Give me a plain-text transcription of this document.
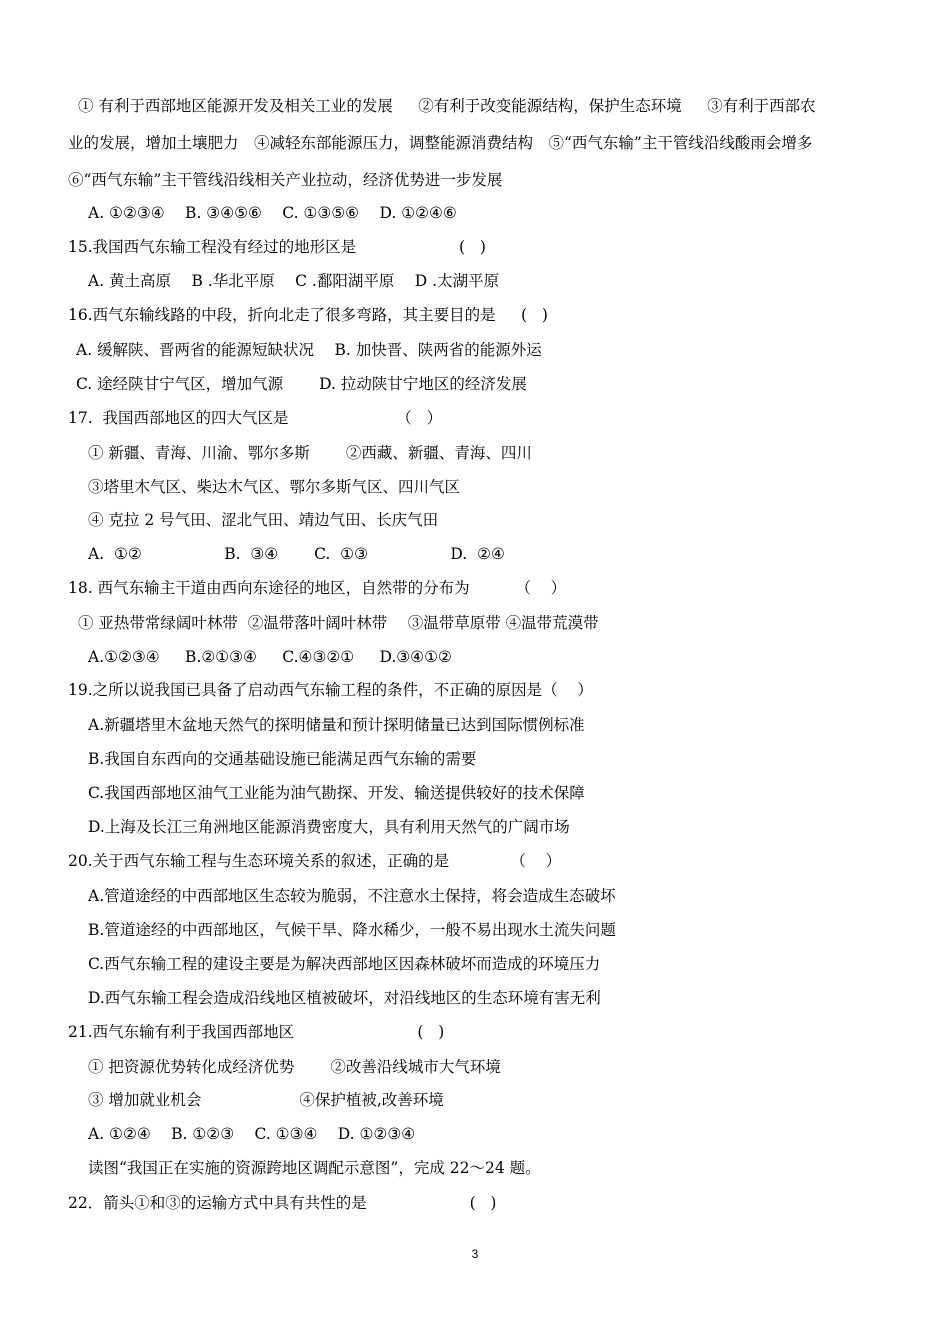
① 有利于西部地区能源开发及相关工业的发展　  ②有利于改变能源结构，保护生态环境　  ③有利于西部农
业的发展，增加土壤肥力　④减轻东部能源压力，调整能源消费结构　⑤“西气东输”主干管线沿线酸雨会增多
⑥“西气东输”主干管线沿线相关产业拉动，经济优势进一步发展
A. ①②③④　 B. ③④⑤⑥　 C. ①③⑤⑥　 D. ①②④⑥
15.我国西气东输工程没有经过的地形区是　　　　　　  (   )
A. 黄土高原　 B .华北平原　 C .鄱阳湖平原　 D .太湖平原
16.西气东输线路的中段，折向北走了很多弯路，其主要目的是　  (   )
A. 缓解陕、晋两省的能源短缺状况　 B. 加快晋、陕两省的能源外运
C. 途经陕甘宁气区，增加气源　　 D. 拉动陕甘宁地区的经济发展
17.  我国西部地区的四大气区是　　　　　　   （   ）
① 新疆、青海、川渝、鄂尔多斯　　 ②西藏、新疆、青海、四川
③塔里木气区、柴达木气区、鄂尔多斯气区、四川气区
④ 克拉 2 号气田、涩北气田、靖边气田、长庆气田
A.  ①②　　　　　 B.  ③④　　 C.  ①③　　　　　 D.  ②④
18. 西气东输主干道由西向东途径的地区，自然带的分布为　　   （    ）
① 亚热带常绿阔叶林带  ②温带落叶阔叶林带　 ③温带草原带 ④温带荒漠带
A.①②③④　  B.②①③④　  C.④③②①　  D.③④①②
19.之所以说我国已具备了启动西气东输工程的条件，不正确的原因是（    ）
A.新疆塔里木盆地天然气的探明储量和预计探明储量已达到国际惯例标准
B.我国自东西向的交通基础设施已能满足西气东输的需要
C.我国西部地区油气工业能为油气勘探、开发、输送提供较好的技术保障
D.上海及长江三角洲地区能源消费密度大，具有利用天然气的广阔市场
20.关于西气东输工程与生态环境关系的叙述，正确的是　　　   （    ）
A.管道途经的中西部地区生态较为脆弱，不注意水土保持，将会造成生态破坏
B.管道途经的中西部地区，气候干旱、降水稀少，一般不易出现水土流失问题
C.西气东输工程的建设主要是为解决西部地区因森林破坏而造成的环境压力
D.西气东输工程会造成沿线地区植被破坏，对沿线地区的生态环境有害无利
21.西气东输有利于我国西部地区　　　　　　　   (   )
① 把资源优势转化成经济优势　　 ②改善沿线城市大气环境
③ 增加就业机会　　　　　　 ④保护植被,改善环境
A. ①②④　 B. ①②③　 C. ①③④　 D. ①②③④
读图“我国正在实施的资源跨地区调配示意图”，完成 22～24 题。
22．箭头①和③的运输方式中具有共性的是　　　　　　  (   )
3
